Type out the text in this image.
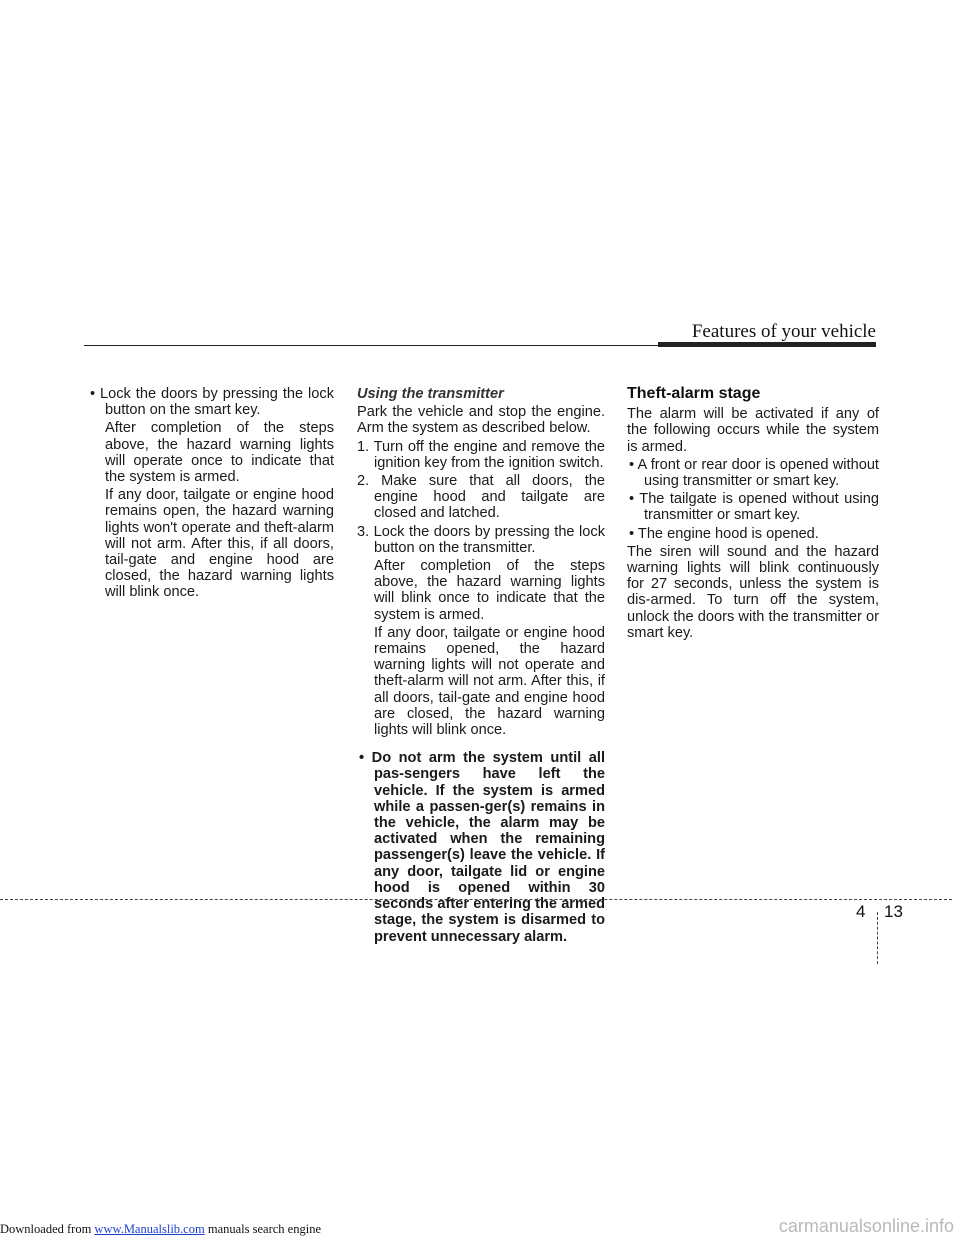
Features of your vehicle

• Lock the doors by pressing the lock button on the smart key.

After completion of the steps above, the hazard warning lights will operate once to indicate that the system is armed.

If any door, tailgate or engine hood remains open, the hazard warning lights won't operate and theft-alarm will not arm. After this, if all doors, tail-gate and engine hood are closed, the hazard warning lights will blink once.

Using the transmitter

Park the vehicle and stop the engine. Arm the system as described below.

1. Turn off the engine and remove the ignition key from the ignition switch.

2. Make sure that all doors, the engine hood and tailgate are closed and latched.

3. Lock the doors by pressing the lock button on the transmitter.

After completion of the steps above, the hazard warning lights will blink once to indicate that the system is armed.

If any door, tailgate or engine hood remains opened, the hazard warning lights will not operate and theft-alarm will not arm. After this, if all doors, tail-gate and engine hood are closed, the hazard warning lights will blink once.

• Do not arm the system until all pas-sengers have left the vehicle. If the system is armed while a passen-ger(s) remains in the vehicle, the alarm may be activated when the remaining passenger(s) leave the vehicle. If any door, tailgate lid or engine hood is opened within 30 seconds after entering the armed stage, the system is disarmed to prevent unnecessary alarm.

Theft-alarm stage

The alarm will be activated if any of the following occurs while the system is armed.

• A front or rear door is opened without using transmitter or smart key.

• The tailgate is opened without using transmitter or smart key.

• The engine hood is opened.

The siren will sound and the hazard warning lights will blink continuously for 27 seconds, unless the system is dis-armed. To turn off the system, unlock the doors with the transmitter or smart key.

4 13
Downloaded from www.Manualslib.com manuals search engine	carmanualsonline.info
